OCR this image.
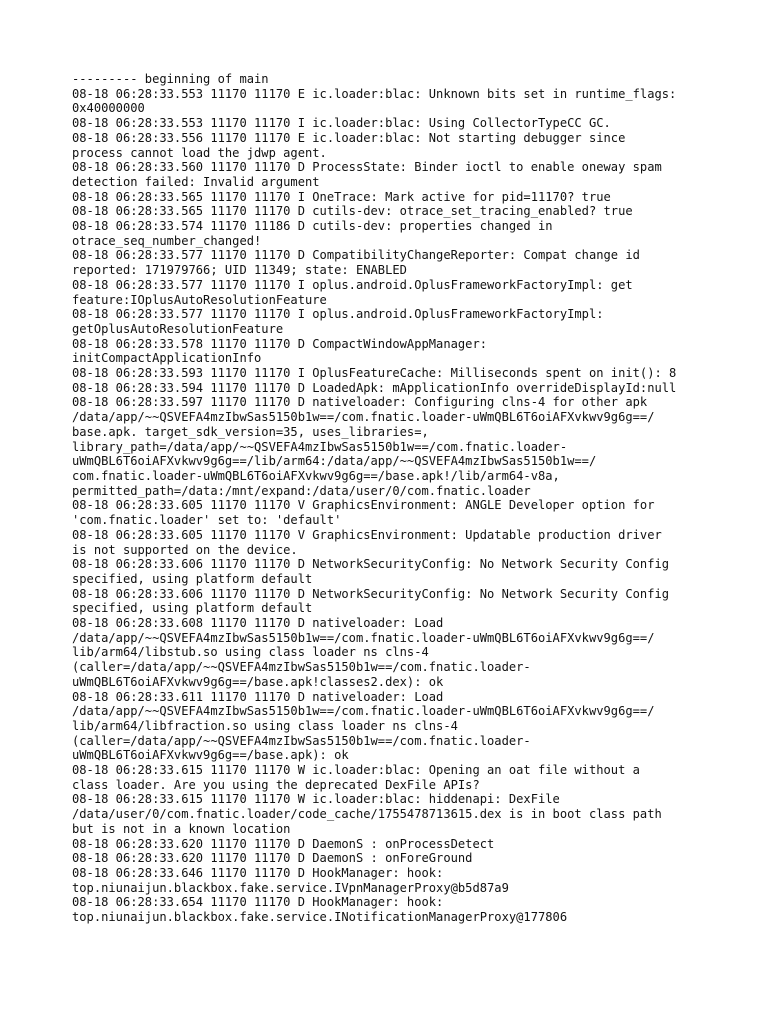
--------- beginning of main
08-18 06:28:33.553 11170 11170 E ic.loader:blac: Unknown bits set in runtime_flags:
0x40000000
08-18 06:28:33.553 11170 11170 I ic.loader:blac: Using CollectorTypeCC GC.
08-18 06:28:33.556 11170 11170 E ic.loader:blac: Not starting debugger since
process cannot load the jdwp agent.
08-18 06:28:33.560 11170 11170 D ProcessState: Binder ioctl to enable oneway spam
detection failed: Invalid argument
08-18 06:28:33.565 11170 11170 I OneTrace: Mark active for pid=11170? true
08-18 06:28:33.565 11170 11170 D cutils-dev: otrace_set_tracing_enabled? true
08-18 06:28:33.574 11170 11186 D cutils-dev: properties changed in
otrace_seq_number_changed!
08-18 06:28:33.577 11170 11170 D CompatibilityChangeReporter: Compat change id
reported: 171979766; UID 11349; state: ENABLED
08-18 06:28:33.577 11170 11170 I oplus.android.OplusFrameworkFactoryImpl: get
feature:IOplusAutoResolutionFeature
08-18 06:28:33.577 11170 11170 I oplus.android.OplusFrameworkFactoryImpl:
getOplusAutoResolutionFeature
08-18 06:28:33.578 11170 11170 D CompactWindowAppManager:
initCompactApplicationInfo
08-18 06:28:33.593 11170 11170 I OplusFeatureCache: Milliseconds spent on init(): 8
08-18 06:28:33.594 11170 11170 D LoadedApk: mApplicationInfo overrideDisplayId:null
08-18 06:28:33.597 11170 11170 D nativeloader: Configuring clns-4 for other apk
/data/app/~~QSVEFA4mzIbwSas5150b1w==/com.fnatic.loader-uWmQBL6T6oiAFXvkwv9g6g==/
base.apk. target_sdk_version=35, uses_libraries=,
library_path=/data/app/~~QSVEFA4mzIbwSas5150b1w==/com.fnatic.loader-
uWmQBL6T6oiAFXvkwv9g6g==/lib/arm64:/data/app/~~QSVEFA4mzIbwSas5150b1w==/
com.fnatic.loader-uWmQBL6T6oiAFXvkwv9g6g==/base.apk!/lib/arm64-v8a,
permitted_path=/data:/mnt/expand:/data/user/0/com.fnatic.loader
08-18 06:28:33.605 11170 11170 V GraphicsEnvironment: ANGLE Developer option for
'com.fnatic.loader' set to: 'default'
08-18 06:28:33.605 11170 11170 V GraphicsEnvironment: Updatable production driver
is not supported on the device.
08-18 06:28:33.606 11170 11170 D NetworkSecurityConfig: No Network Security Config
specified, using platform default
08-18 06:28:33.606 11170 11170 D NetworkSecurityConfig: No Network Security Config
specified, using platform default
08-18 06:28:33.608 11170 11170 D nativeloader: Load
/data/app/~~QSVEFA4mzIbwSas5150b1w==/com.fnatic.loader-uWmQBL6T6oiAFXvkwv9g6g==/
lib/arm64/libstub.so using class loader ns clns-4
(caller=/data/app/~~QSVEFA4mzIbwSas5150b1w==/com.fnatic.loader-
uWmQBL6T6oiAFXvkwv9g6g==/base.apk!classes2.dex): ok
08-18 06:28:33.611 11170 11170 D nativeloader: Load
/data/app/~~QSVEFA4mzIbwSas5150b1w==/com.fnatic.loader-uWmQBL6T6oiAFXvkwv9g6g==/
lib/arm64/libfraction.so using class loader ns clns-4
(caller=/data/app/~~QSVEFA4mzIbwSas5150b1w==/com.fnatic.loader-
uWmQBL6T6oiAFXvkwv9g6g==/base.apk): ok
08-18 06:28:33.615 11170 11170 W ic.loader:blac: Opening an oat file without a
class loader. Are you using the deprecated DexFile APIs?
08-18 06:28:33.615 11170 11170 W ic.loader:blac: hiddenapi: DexFile
/data/user/0/com.fnatic.loader/code_cache/1755478713615.dex is in boot class path
but is not in a known location
08-18 06:28:33.620 11170 11170 D DaemonS : onProcessDetect
08-18 06:28:33.620 11170 11170 D DaemonS : onForeGround
08-18 06:28:33.646 11170 11170 D HookManager: hook:
top.niunaijun.blackbox.fake.service.IVpnManagerProxy@b5d87a9
08-18 06:28:33.654 11170 11170 D HookManager: hook:
top.niunaijun.blackbox.fake.service.INotificationManagerProxy@177806
